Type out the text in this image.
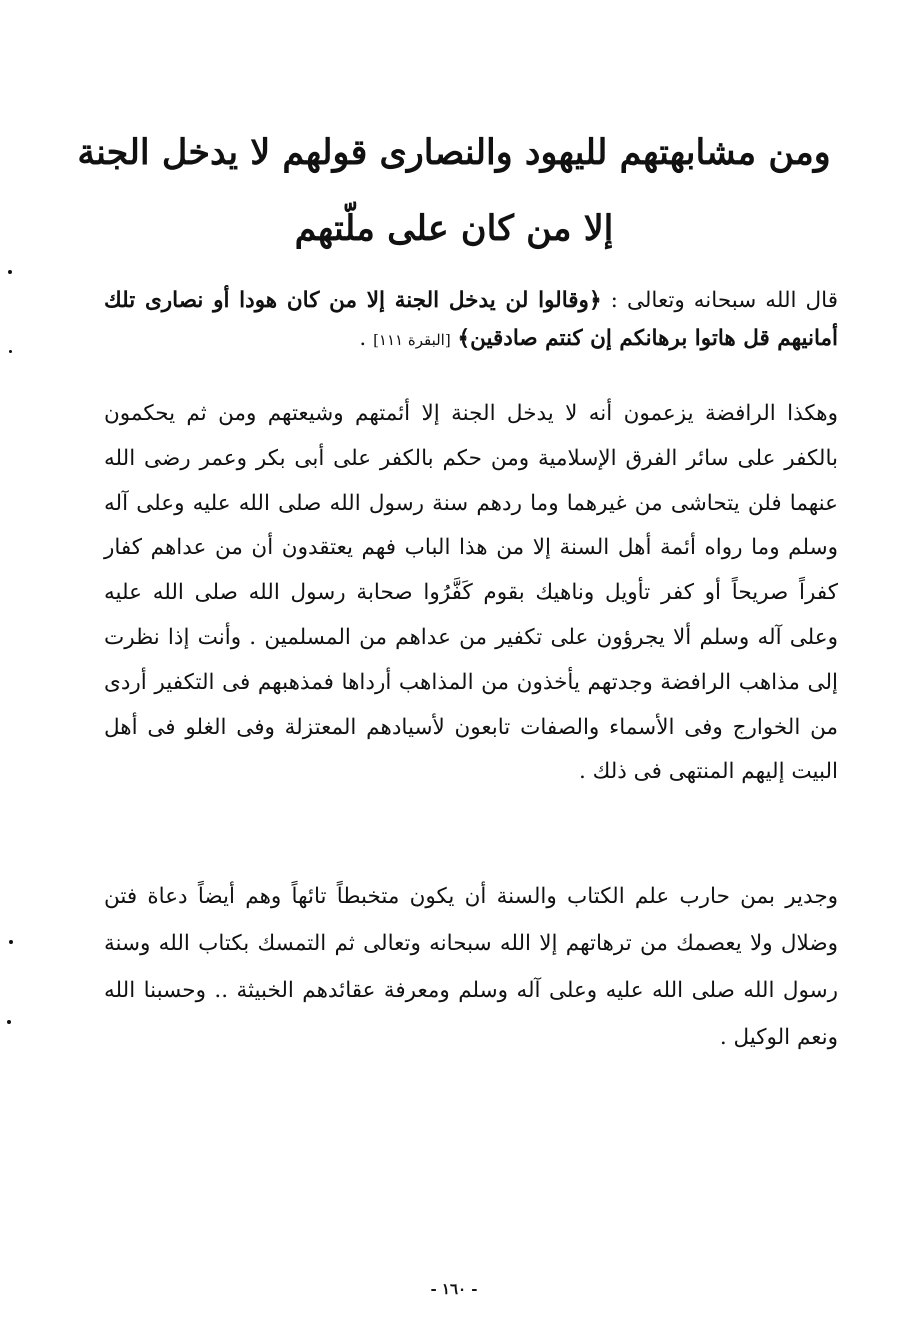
ومن مشابهتهم لليهود والنصارى قولهم لا يدخل الجنة
إلا من كان على ملّتهم

قال الله سبحانه وتعالى : ﴿وقالوا لن يدخل الجنة إلا من كان هودا أو نصارى تلك أمانيهم قل هاتوا برهانكم إن كنتم صادقين﴾ [البقرة ١١١] .

وهكذا الرافضة يزعمون أنه لا يدخل الجنة إلا أئمتهم وشيعتهم ومن ثم يحكمون بالكفر على سائر الفرق الإسلامية ومن حكم بالكفر على أبى بكر وعمر رضى الله عنهما فلن يتحاشى من غيرهما وما ردهم سنة رسول الله صلى الله عليه وعلى آله وسلم وما رواه أئمة أهل السنة إلا من هذا الباب فهم يعتقدون أن من عداهم كفار كفراً صريحاً أو كفر تأويل وناهيك بقوم كَفَّرُوا صحابة رسول الله صلى الله عليه وعلى آله وسلم ألا يجرؤون على تكفير من عداهم من المسلمين . وأنت إذا نظرت إلى مذاهب الرافضة وجدتهم يأخذون من المذاهب أرداها فمذهبهم فى التكفير أردى من الخوارج وفى الأسماء والصفات تابعون لأسيادهم المعتزلة وفى الغلو فى أهل البيت إليهم المنتهى فى ذلك .

وجدير بمن حارب علم الكتاب والسنة أن يكون متخبطاً تائهاً وهم أيضاً دعاة فتن وضلال ولا يعصمك من ترهاتهم إلا الله سبحانه وتعالى ثم التمسك بكتاب الله وسنة رسول الله صلى الله عليه وعلى آله وسلم ومعرفة عقائدهم الخبيثة .. وحسبنا الله ونعم الوكيل .

- ١٦٠ -
